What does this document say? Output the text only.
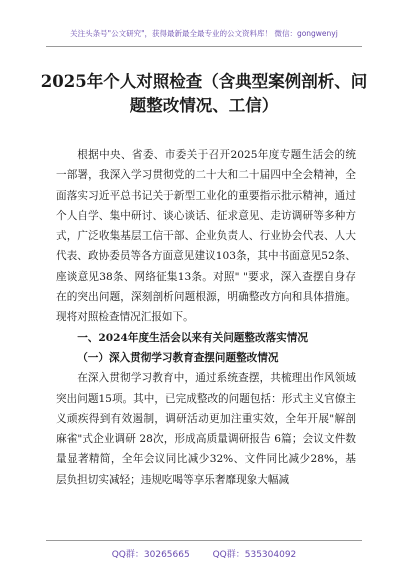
关注头条号"公文研究"，获得最新最全最专业的公文资料库！ 微信：gongwenyj
2025年个人对照检查（含典型案例剖析、问题整改情况、工信）

根据中央、省委、市委关于召开2025年度专题生活会的统一部署，我深入学习贯彻党的二十大和二十届四中全会精神，全面落实习近平总书记关于新型工业化的重要指示批示精神，通过个人自学、集中研讨、谈心谈话、征求意见、走访调研等多种方式，广泛收集基层工信干部、企业负责人、行业协会代表、人大代表、政协委员等各方面意见建议103条，其中书面意见52条、座谈意见38条、网络征集13条。对照" "要求，深入查摆自身存在的突出问题，深刻剖析问题根源，明确整改方向和具体措施。现将对照检查情况汇报如下。

一、2024年度生活会以来有关问题整改落实情况
（一）深入贯彻学习教育查摆问题整改情况

在深入贯彻学习教育中，通过系统查摆，共梳理出作风领域突出问题15项。其中，已完成整改的问题包括：形式主义官僚主义顽疾得到有效遏制，调研活动更加注重实效，全年开展"解剖麻雀"式企业调研 28次，形成高质量调研报告 6篇；会议文件数量显著精简，全年会议同比减少32%、文件同比减少28%，基层负担切实减轻；违规吃喝等享乐奢靡现象大幅减

QQ群：30265665	QQ群：535304092
